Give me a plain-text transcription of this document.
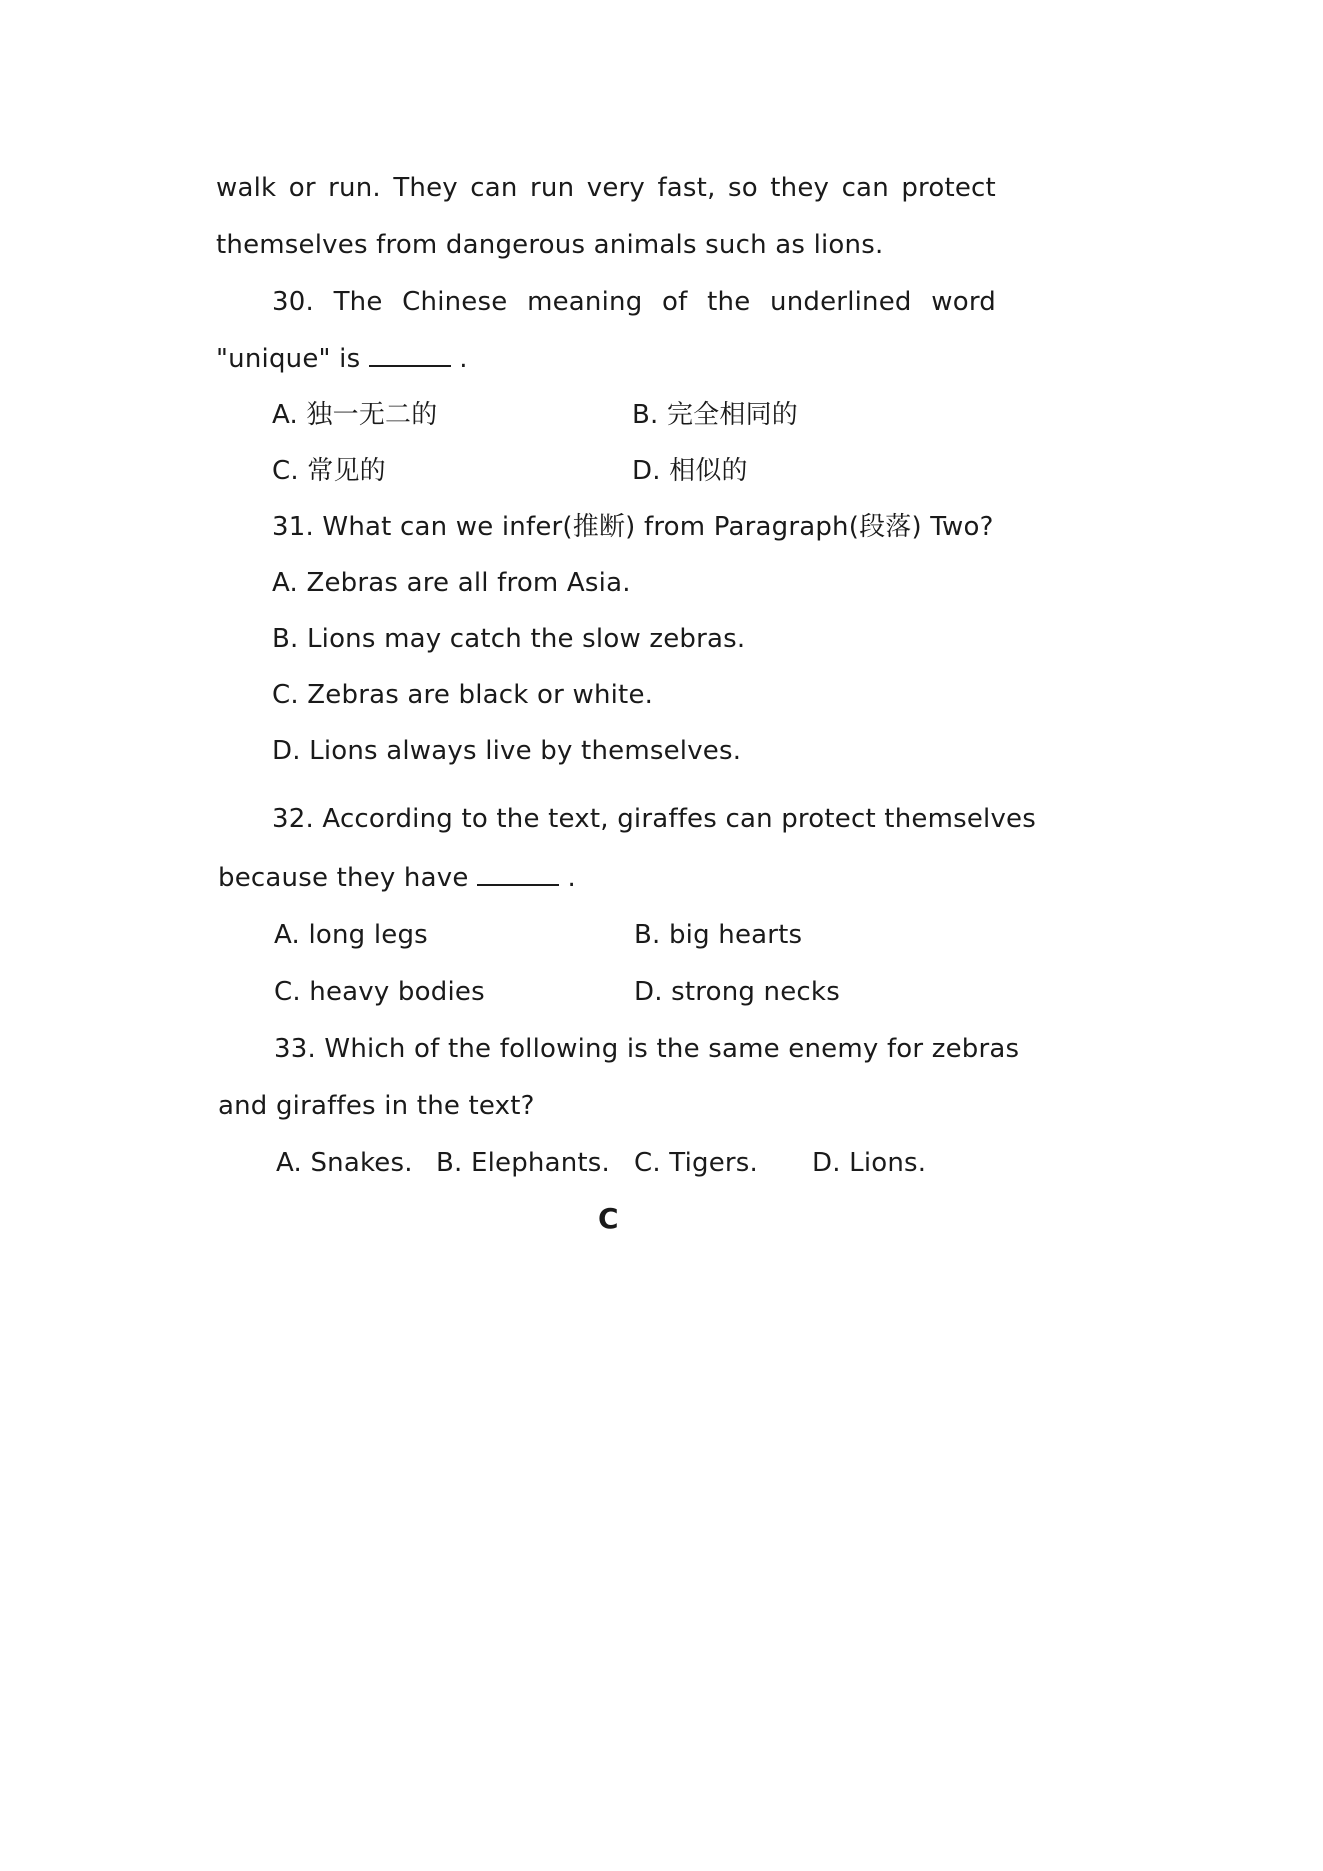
walk or run. They can run very fast, so they can protect
themselves from dangerous animals such as lions.
30. The Chinese meaning of the underlined word
"unique" is	.
A. 独一无二的	B. 完全相同的
C. 常见的	D. 相似的
31. What can we infer(推断) from Paragraph(段落) Two?
A. Zebras are all from Asia.
B. Lions may catch the slow zebras.
C. Zebras are black or white.
D. Lions always live by themselves.
32. According to the text, giraffes can protect themselves
because they have	.
A. long legs	B. big hearts
C. heavy bodies	D. strong necks
33. Which of the following is the same enemy for zebras
and giraffes in the text?
A. Snakes. B. Elephants. C. Tigers. D. Lions.
C
